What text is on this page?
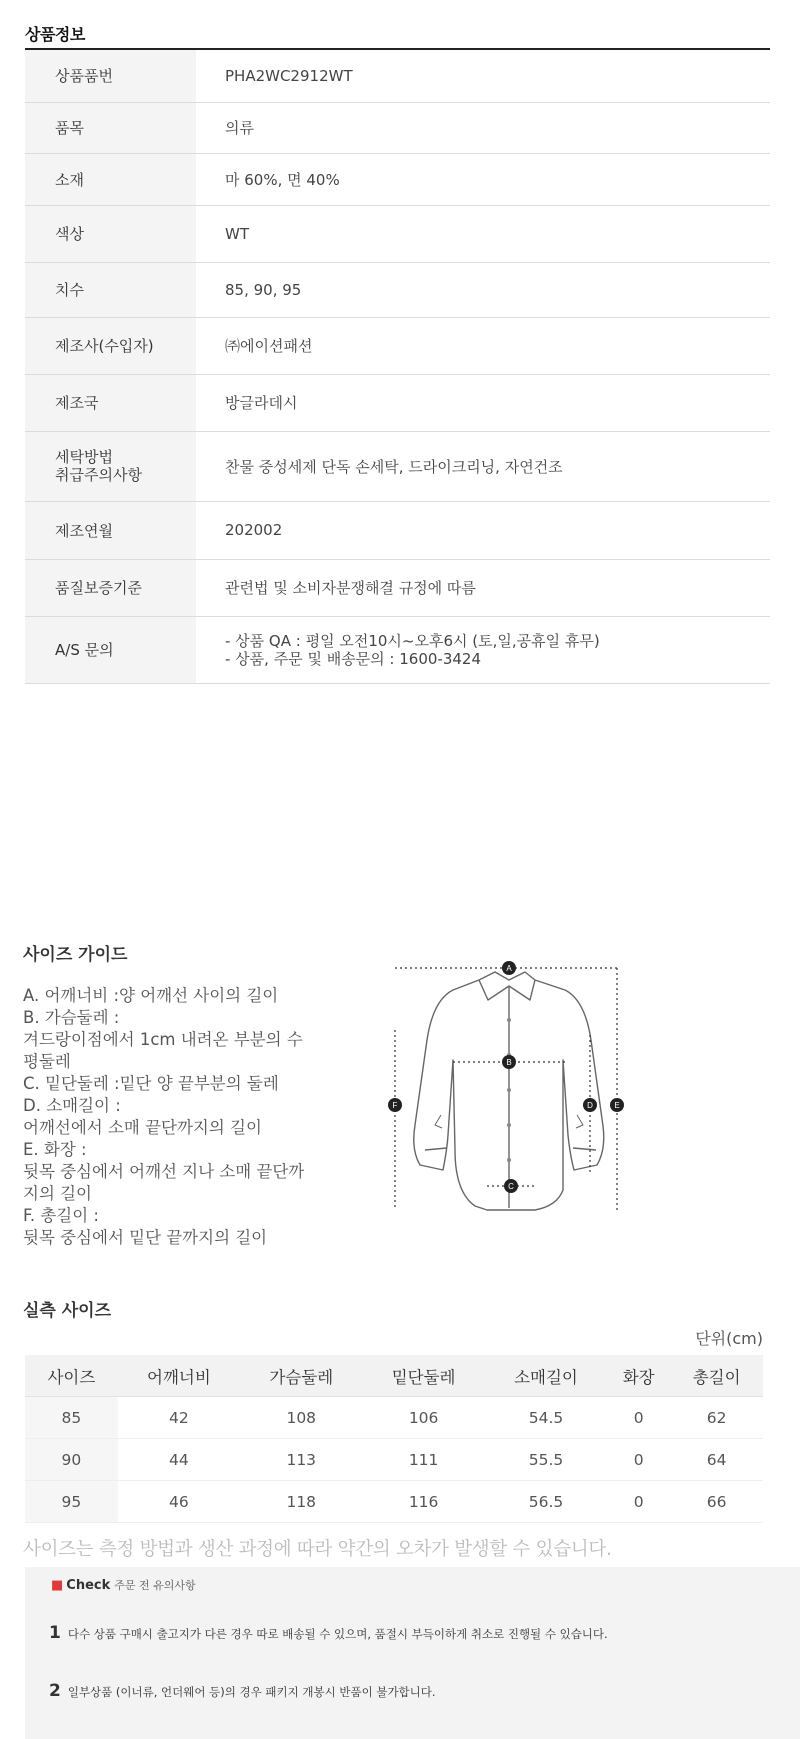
상품정보
상품품번	PHA2WC2912WT
품목	의류
소재	마 60%, 면 40%
색상	WT
치수	85, 90, 95
제조사(수입자)	㈜에이션패션
제조국	방글라데시

세탁방법
취급주의사항	찬물 중성세제 단독 손세탁, 드라이크리닝, 자연건조
제조연월	202002
품질보증기준	관련법 및 소비자분쟁해결 규정에 따름
A/S 문의	- 상품 QA : 평일 오전10시~오후6시 (토,일,공휴일 휴무)
- 상품, 주문 및 배송문의 : 1600-3424
사이즈 가이드
A. 어깨너비 :양 어깨선 사이의 길이
B. 가슴둘레 :
겨드랑이점에서 1cm 내려온 부분의 수
평둘레
C. 밑단둘레 :밑단 양 끝부분의 둘레
D. 소매길이 :
어깨선에서 소매 끝단까지의 길이
E. 화장 :
뒷목 중심에서 어깨선 지나 소매 끝단까
지의 길이
F. 총길이 :
뒷목 중심에서 밑단 끝까지의 길이
A
B
C
D	E
F
실측 사이즈
단위(cm)
사이즈	어깨너비	가슴둘레	밑단둘레	소매길이	화장	총길이
85	42	108	106	54.5	0	62
90	44	113	111	55.5	0	64
95	46	118	116	56.5	0	66
사이즈는 측정 방법과 생산 과정에 따라 약간의 오차가 발생할 수 있습니다.
■ Check 주문 전 유의사항
1 다수 상품 구매시 출고지가 다른 경우 따로 배송될 수 있으며, 품절시 부득이하게 취소로 진행될 수 있습니다.
2 일부상품 (이너류, 언더웨어 등)의 경우 패키지 개봉시 반품이 불가합니다.
